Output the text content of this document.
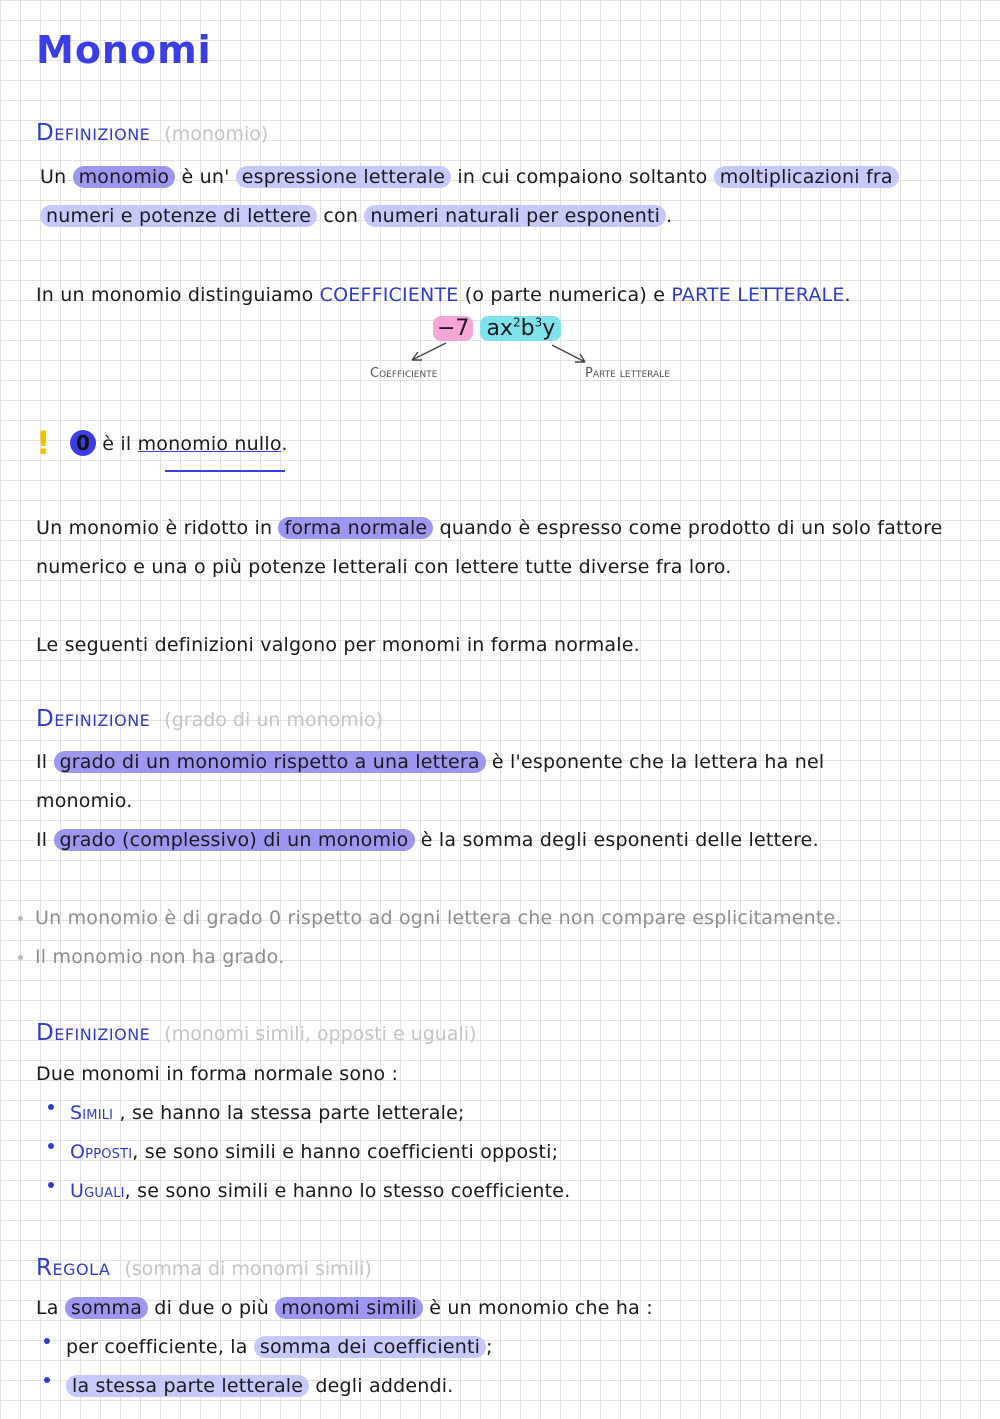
Monomi
Definizione (monomio)
Un monomio è un' espressione letterale in cui compaiono soltanto moltiplicazioni fra
numeri e potenze di lettere con numeri naturali per esponenti .
In un monomio distinguiamo COEFFICIENTE (o parte numerica) e PARTE LETTERALE.
−7 $ax^2b^3y$
Coefficiente	Parte letterale
! 0 è il monomio nullo.
Un monomio è ridotto in forma normale quando è espresso come prodotto di un solo fattore
numerico e una o più potenze letterali con lettere tutte diverse fra loro.
Le seguenti definizioni valgono per monomi in forma normale.
Definizione (grado di un monomio)
Il grado di un monomio rispetto a una lettera è l'esponente che la lettera ha nel
monomio.
Il grado (complessivo) di un monomio è la somma degli esponenti delle lettere.
Un monomio è di grado 0 rispetto ad ogni lettera che non compare esplicitamente.
Il monomio non ha grado.
Definizione (monomi simili, opposti e uguali)
Due monomi in forma normale sono :
Simili , se hanno la stessa parte letterale;
Opposti, se sono simili e hanno coefficienti opposti;
Uguali, se sono simili e hanno lo stesso coefficiente.
Regola (somma di monomi simili)
La somma di due o più monomi simili è un monomio che ha :
per coefficiente, la somma dei coefficienti ;
la stessa parte letterale degli addendi.
